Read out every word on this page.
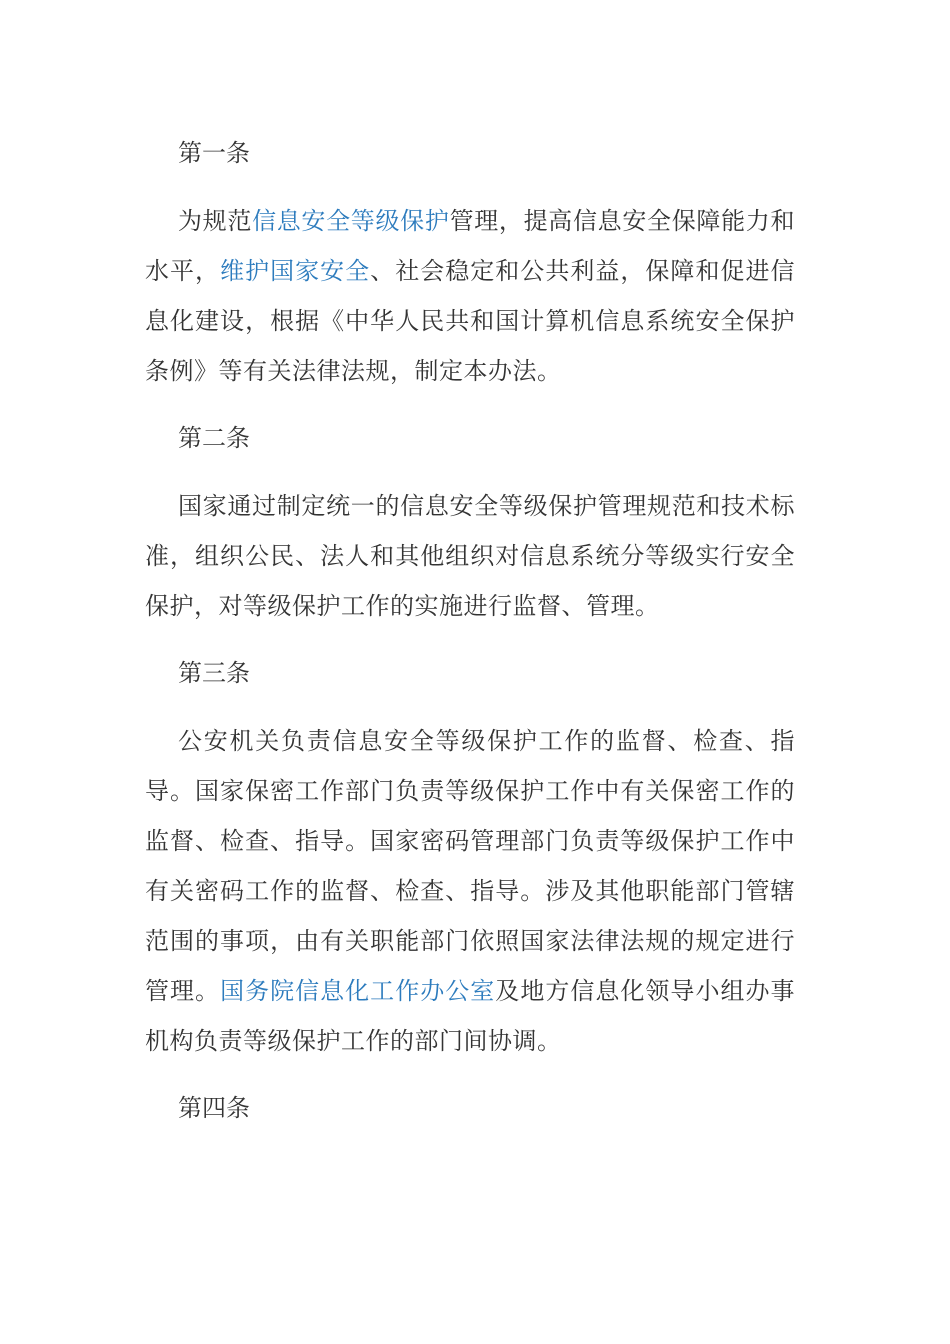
第一条

为规范信息安全等级保护管理，提高信息安全保障能力和水平，维护国家安全、社会稳定和公共利益，保障和促进信息化建设，根据《中华人民共和国计算机信息系统安全保护条例》等有关法律法规，制定本办法。

第二条

国家通过制定统一的信息安全等级保护管理规范和技术标准，组织公民、法人和其他组织对信息系统分等级实行安全保护，对等级保护工作的实施进行监督、管理。

第三条

公安机关负责信息安全等级保护工作的监督、检查、指导。国家保密工作部门负责等级保护工作中有关保密工作的监督、检查、指导。国家密码管理部门负责等级保护工作中有关密码工作的监督、检查、指导。涉及其他职能部门管辖范围的事项，由有关职能部门依照国家法律法规的规定进行管理。国务院信息化工作办公室及地方信息化领导小组办事机构负责等级保护工作的部门间协调。

第四条
